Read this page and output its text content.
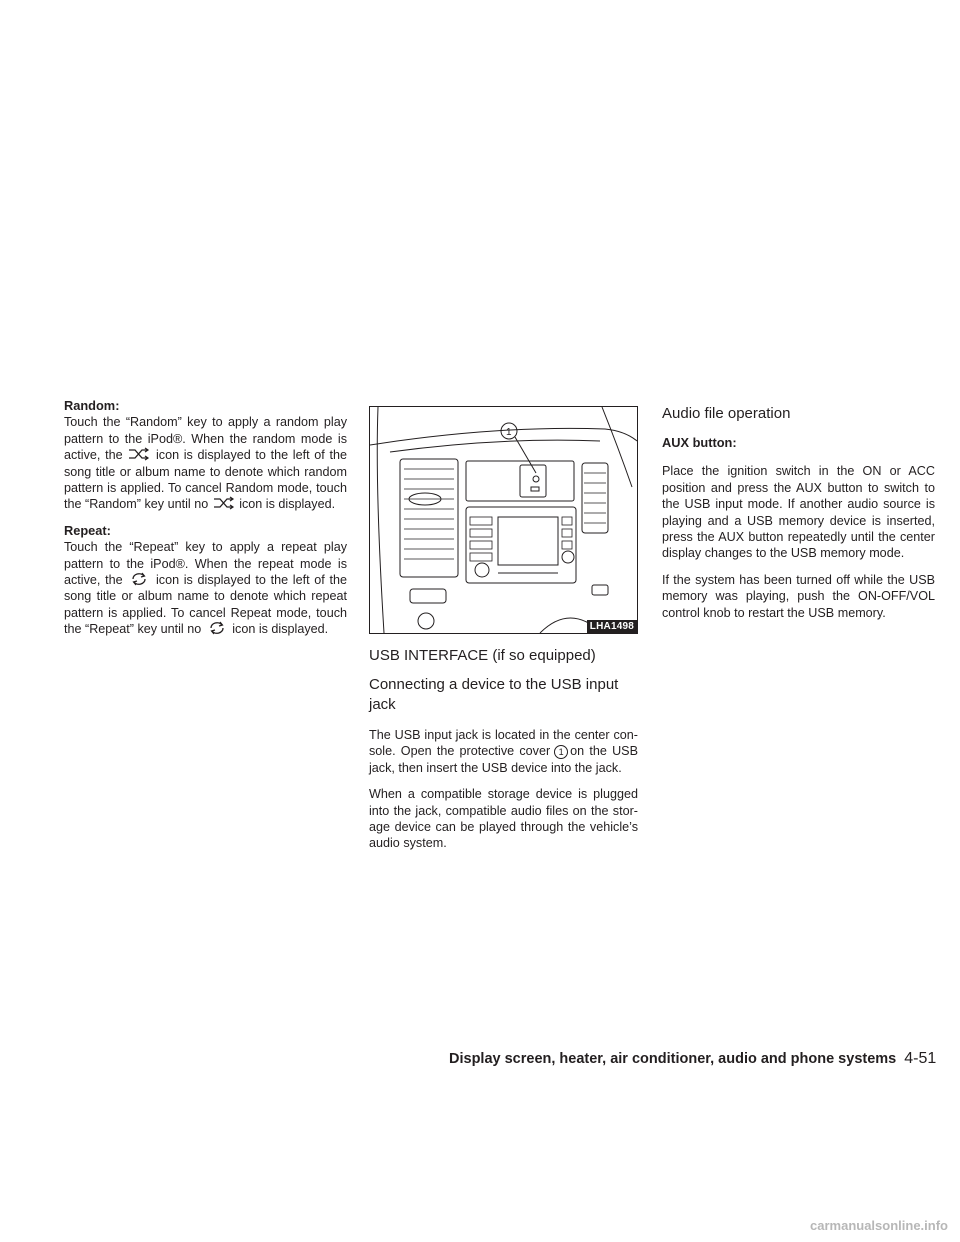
Random:
Touch the “Random” key to apply a random play pattern to the iPod®. When the random mode is active, the	icon is displayed to the left of the song title or album name to denote which random pattern is applied. To cancel Random mode, touch the “Random” key until no icon is displayed.

Repeat:
Touch the “Repeat” key to apply a repeat play pattern to the iPod®. When the repeat mode is active, the	icon is displayed to the left of the song title or album name to denote which repeat pattern is applied. To cancel Repeat mode, touch the “Repeat” key until no icon is displayed.

1
LHA1498
USB INTERFACE (if so equipped)
Connecting a device to the USB input jack

The USB input jack is located in the center con-sole. Open the protective cover 1 on the USB jack, then insert the USB device into the jack.

When a compatible storage device is plugged into the jack, compatible audio files on the stor-age device can be played through the vehicle’s audio system.

Audio file operation

AUX button:

Place the ignition switch in the ON or ACC position and press the AUX button to switch to the USB input mode. If another audio source is playing and a USB memory device is inserted, press the AUX button repeatedly until the center display changes to the USB memory mode.

If the system has been turned off while the USB memory was playing, push the ON-OFF/VOL control knob to restart the USB memory.

Display screen, heater, air conditioner, audio and phone systems 4-51
carmanualsonline.info
